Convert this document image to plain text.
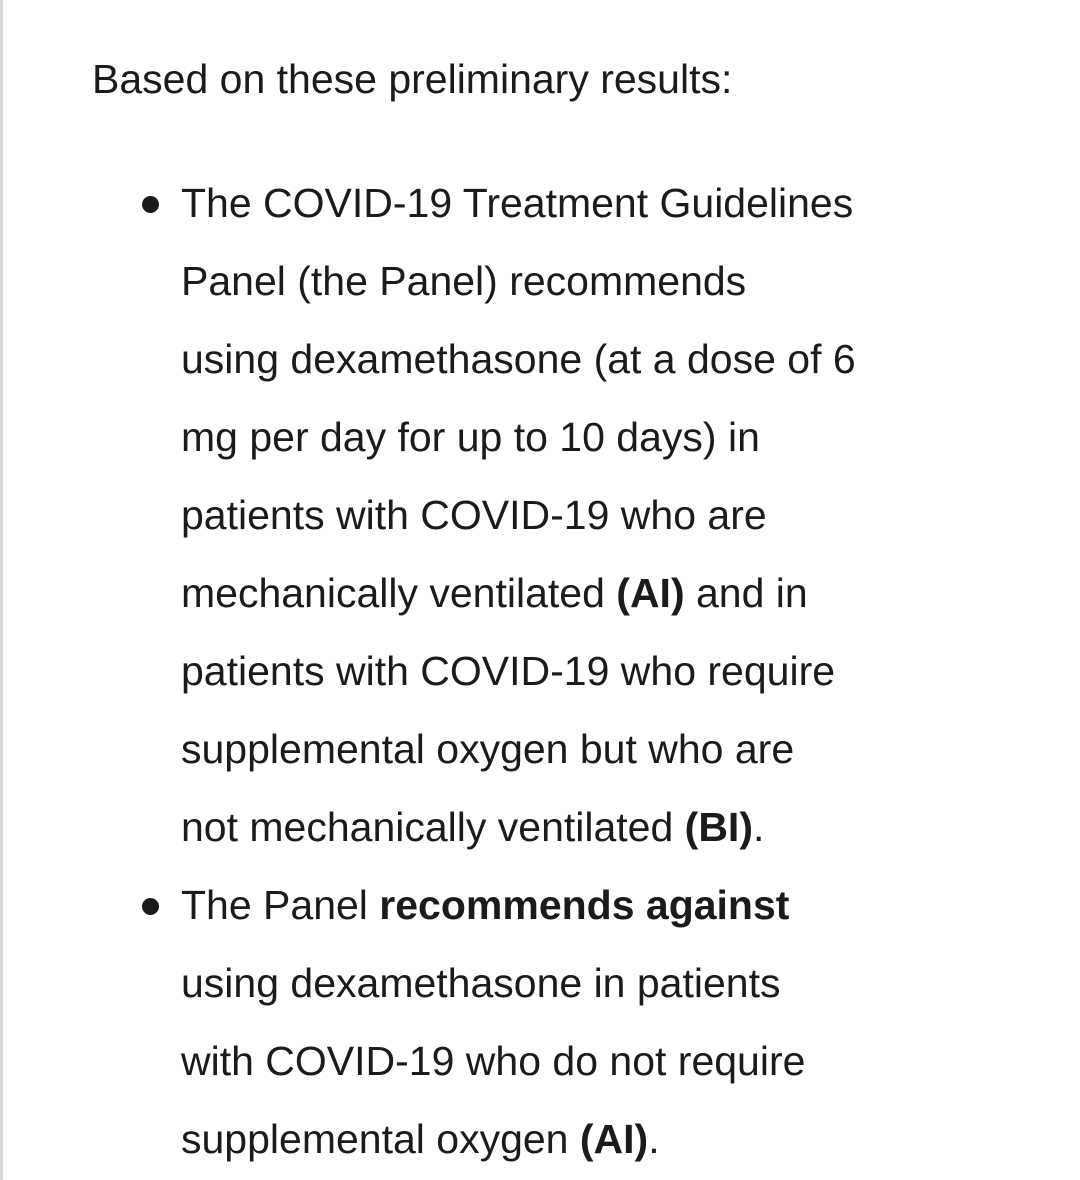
Based on these preliminary results:

The COVID-19 Treatment Guidelines
Panel (the Panel) recommends
using dexamethasone (at a dose of 6
mg per day for up to 10 days) in
patients with COVID-19 who are
mechanically ventilated (AI) and in
patients with COVID-19 who require
supplemental oxygen but who are
not mechanically ventilated (BI).
The Panel recommends against
using dexamethasone in patients
with COVID-19 who do not require
supplemental oxygen (AI).
